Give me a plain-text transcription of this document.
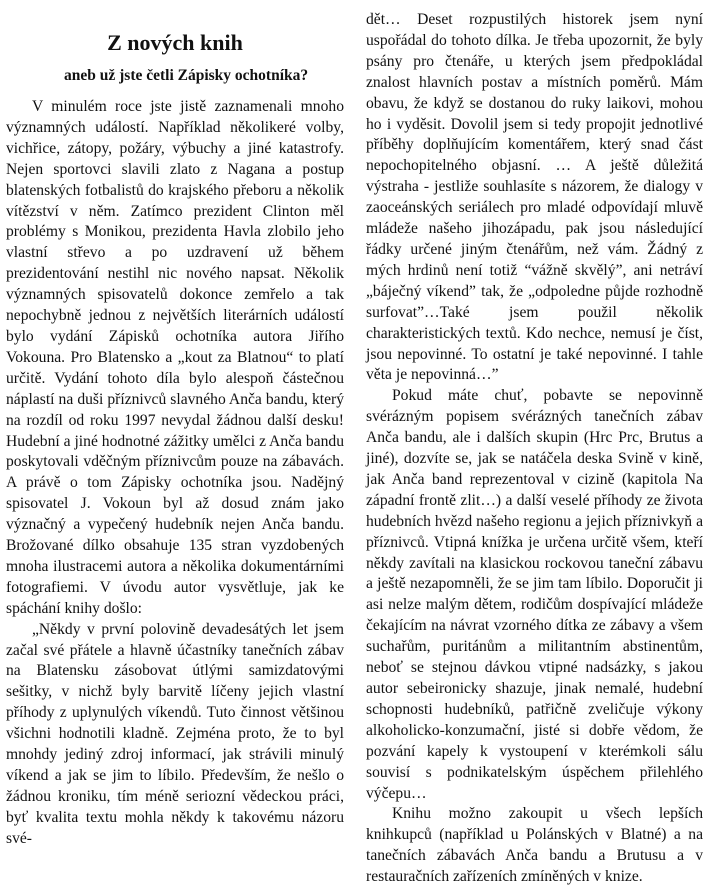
Z nových knih
aneb už jste četli Zápisky ochotníka?

V minulém roce jste jistě zaznamenali mnoho významných událostí. Například několikeré volby, vichřice, zátopy, požáry, výbuchy a jiné katastrofy. Nejen sportovci slavili zlato z Nagana a postup blatenských fotbalistů do krajského přeboru a několik vítězství v něm. Zatímco prezident Clinton měl problémy s Monikou, prezidenta Havla zlobilo jeho vlastní střevo a po uzdravení už během prezidentování nestihl nic nového napsat. Několik významných spisovatelů dokonce zemřelo a tak nepochybně jednou z největších literárních událostí bylo vydání Zápisků ochotníka autora Jiřího Vokouna. Pro Blatensko a „kout za Blatnou“ to platí určitě. Vydání tohoto díla bylo alespoň částečnou náplastí na duši příznivců slavného Anča bandu, který na rozdíl od roku 1997 nevydal žádnou další desku! Hudební a jiné hodnotné zážitky umělci z Anča bandu poskytovali vděčným příznivcům pouze na zábavách. A právě o tom Zápisky ochotníka jsou. Nadějný spisovatel J. Vokoun byl až dosud znám jako význačný a vypečený hudebník nejen Anča bandu. Brožované dílko obsahuje 135 stran vyzdobených mnoha ilustracemi autora a několika dokumentárními fotografiemi. V úvodu autor vysvětluje, jak ke spáchání knihy došlo:

„Někdy v první polovině devadesátých let jsem začal své přátele a hlavně účastníky tanečních zábav na Blatensku zásobovat útlými samizdatovými sešitky, v nichž byly barvitě líčeny jejich vlastní příhody z uplynulých víkendů. Tuto činnost většinou všichni hodnotili kladně. Zejména proto, že to byl mnohdy jediný zdroj informací, jak strávili minulý víkend a jak se jim to líbilo. Především, že nešlo o žádnou kroniku, tím méně seriozní vědeckou práci, byť kvalita textu mohla někdy k takovému názoru své-

dět… Deset rozpustilých historek jsem nyní uspořádal do tohoto dílka. Je třeba upozornit, že byly psány pro čtenáře, u kterých jsem předpokládal znalost hlavních postav a místních poměrů. Mám obavu, že když se dostanou do ruky laikovi, mohou ho i vyděsit. Dovolil jsem si tedy propojit jednotlivé příběhy doplňujícím komentářem, který snad část nepochopitelného objasní. … A ještě důležitá výstraha - jestliže souhlasíte s názorem, že dialogy v zaoceánských seriálech pro mladé odpovídají mluvě mládeže našeho jihozápadu, pak jsou následující řádky určené jiným čtenářům, než vám. Žádný z mých hrdinů není totiž “vážně skvělý”, ani netráví „báječný víkend” tak, že „odpoledne půjde rozhodně surfovat”…Také jsem použil několik charakteristických textů. Kdo nechce, nemusí je číst, jsou nepovinné. To ostatní je také nepovinné. I tahle věta je nepovinná…”

Pokud máte chuť, pobavte se nepovinně svérázným popisem svérázných tanečních zábav Anča bandu, ale i dalších skupin (Hrc Prc, Brutus a jiné), dozvíte se, jak se natáčela deska Svině v kině, jak Anča band reprezentoval v cizině (kapitola Na západní frontě zlit…) a další veselé příhody ze života hudebních hvězd našeho regionu a jejich příznivkyň a příznivců. Vtipná knížka je určena určitě všem, kteří někdy zavítali na klasickou rockovou taneční zábavu a ještě nezapomněli, že se jim tam líbilo. Doporučit ji asi nelze malým dětem, rodičům dospívající mládeže čekajícím na návrat vzorného dítka ze zábavy a všem suchařům, puritánům a militantním abstinentům, neboť se stejnou dávkou vtipné nadsázky, s jakou autor sebeironicky shazuje, jinak nemalé, hudební schopnosti hudebníků, patřičně zveličuje výkony alkoholicko-konzumační, jisté si dobře vědom, že pozvání kapely k vystoupení v kterémkoli sálu souvisí s podnikatelským úspěchem přilehlého výčepu…

Knihu možno zakoupit u všech lepších knihkupců (například u Polánských v Blatné) a na tanečních zábavách Anča bandu a Brutusu a v restauračních zařízeních zmíněných v knize.
